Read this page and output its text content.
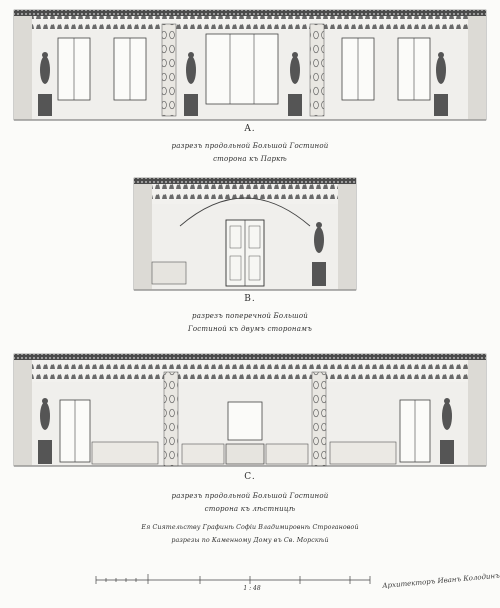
A.
разрезъ продольной Большой Гостиной
сторона къ Паркѣ
B.
разрезъ поперечной Большой
Гостиной къ двумъ сторонамъ
C.
разрезъ продольной Большой Гостиной
сторона къ лѣстницѣ
Ея Сиятельству Графинѣ Софіи Владимировнѣ Строгановой
разрезы по Каменному Дому въ Св. Морскѣй
1 : 48	Архитекторъ Иванъ Колодинъ
